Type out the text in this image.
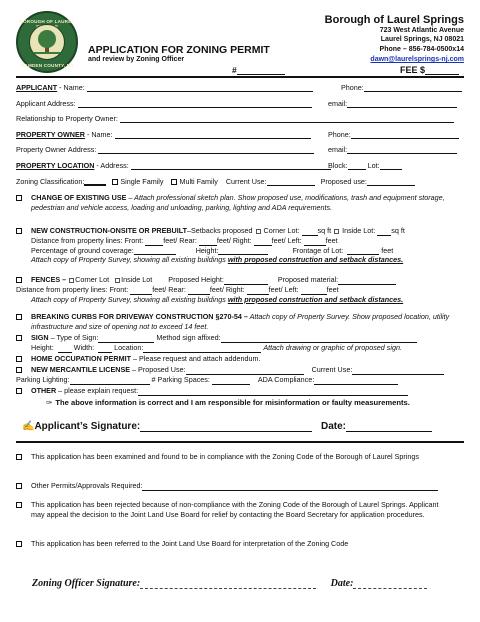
BOROUGH OF LAUREL
CAMDEN COUNTY, NJ
APPLICATION FOR ZONING PERMIT
and review by Zoning Officer
#
Borough of Laurel Springs
723 West Atlantic Avenue
Laurel Springs, NJ 08021
Phone – 856-784-0500x14
dawn@laurelsprings-nj.com
FEE $
APPLICANT - Name:	Phone:
Applicant Address:	email:
Relationship to Property Owner:
PROPERTY OWNER - Name:	Phone:
Property Owner Address:	email:
PROPERTY LOCATION - Address:	Block:	Lot:
Zoning Classification:	Single Family Multi Family Current Use:	Proposed use:
CHANGE OF EXISTING USE – Attach professional sketch plan. Show proposed use, modifications, trash and equipment storage, pedestrian and vehicle access, loading and unloading, parking, lighting and ADA requirements.
NEW CONSTRUCTION-ONSITE OR PREBUILT–Setbacks proposed  Corner Lot:	sq ft  Inside Lot: sq ft
Distance from property lines: Front:	feet/ Rear:	feet/ Right:	feet/ Left:	feet
Percentage of ground coverage:	Height:	Frontage of Lot:	feet
Attach copy of Property Survey, showing all existing buildings with proposed construction and setback distances.
FENCES – Corner Lot Inside Lot Proposed Height:	Proposed material:
Distance from property lines: Front:	feet/ Rear:	feet/ Right:	feet/ Left:	feet
Attach copy of Property Survey, showing all existing buildings with proposed construction and setback distances.
BREAKING CURBS FOR DRIVEWAY CONSTRUCTION §270-54 – Attach copy of Property Survey. Show proposed location, utility infrastructure and size of opening not to exceed 14 feet.
SIGN – Type of Sign:	Method sign affixed:
Height:	Width:	Location:	Attach drawing or graphic of proposed sign.
HOME OCCUPATION PERMIT – Please request and attach addendum.
NEW MERCANTILE LICENSE – Proposed Use:	Current Use:
Parking Lighting:	# Parking Spaces:	ADA Compliance:
OTHER – please explain request:
✑ The above information is correct and I am responsible for misinformation or faulty measurements.
✍Applicant’s Signature:	Date:
This application has been examined and found to be in compliance with the Zoning Code of the Borough of Laurel Springs
Other Permits/Approvals Required:
This application has been rejected because of non-compliance with the Zoning Code of the Borough of Laurel Springs. Applicant may appeal the decision to the Joint Land Use Board for relief by contacting the Board Secretary for application procedures.
This application has been referred to the Joint Land Use Board for interpretation of the Zoning Code
Zoning Officer Signature:	Date:
